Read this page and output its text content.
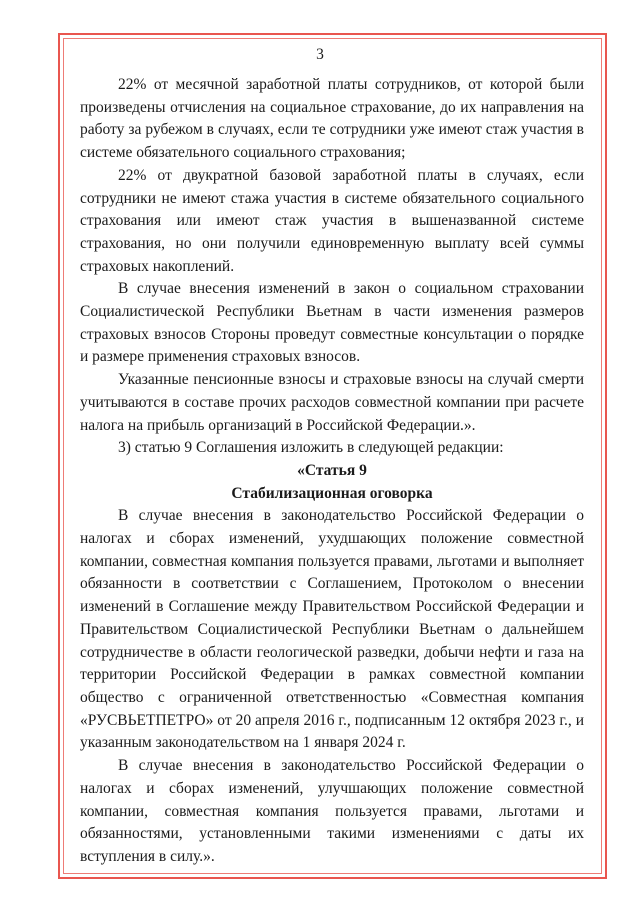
3

22% от месячной заработной платы сотрудников, от которой были произведены отчисления на социальное страхование, до их направления на работу за рубежом в случаях, если те сотрудники уже имеют стаж участия в системе обязательного социального страхования;

22% от двукратной базовой заработной платы в случаях, если сотрудники не имеют стажа участия в системе обязательного социального страхования или имеют стаж участия в вышеназванной системе страхования, но они получили единовременную выплату всей суммы страховых накоплений.

В случае внесения изменений в закон о социальном страховании Социалистической Республики Вьетнам в части изменения размеров страховых взносов Стороны проведут совместные консультации о порядке и размере применения страховых взносов.

Указанные пенсионные взносы и страховые взносы на случай смерти учитываются в составе прочих расходов совместной компании при расчете налога на прибыль организаций в Российской Федерации.».

3) статью 9 Соглашения изложить в следующей редакции:

«Статья 9
Стабилизационная оговорка

В случае внесения в законодательство Российской Федерации о налогах и сборах изменений, ухудшающих положение совместной компании, совместная компания пользуется правами, льготами и выполняет обязанности в соответствии с Соглашением, Протоколом о внесении изменений в Соглашение между Правительством Российской Федерации и Правительством Социалистической Республики Вьетнам о дальнейшем сотрудничестве в области геологической разведки, добычи нефти и газа на территории Российской Федерации в рамках совместной компании общество с ограниченной ответственностью «Совместная компания «РУСВЬЕТПЕТРО» от 20 апреля 2016 г., подписанным 12 октября 2023 г., и указанным законодательством на 1 января 2024 г.

В случае внесения в законодательство Российской Федерации о налогах и сборах изменений, улучшающих положение совместной компании, совместная компания пользуется правами, льготами и обязанностями, установленными такими изменениями с даты их вступления в силу.».
